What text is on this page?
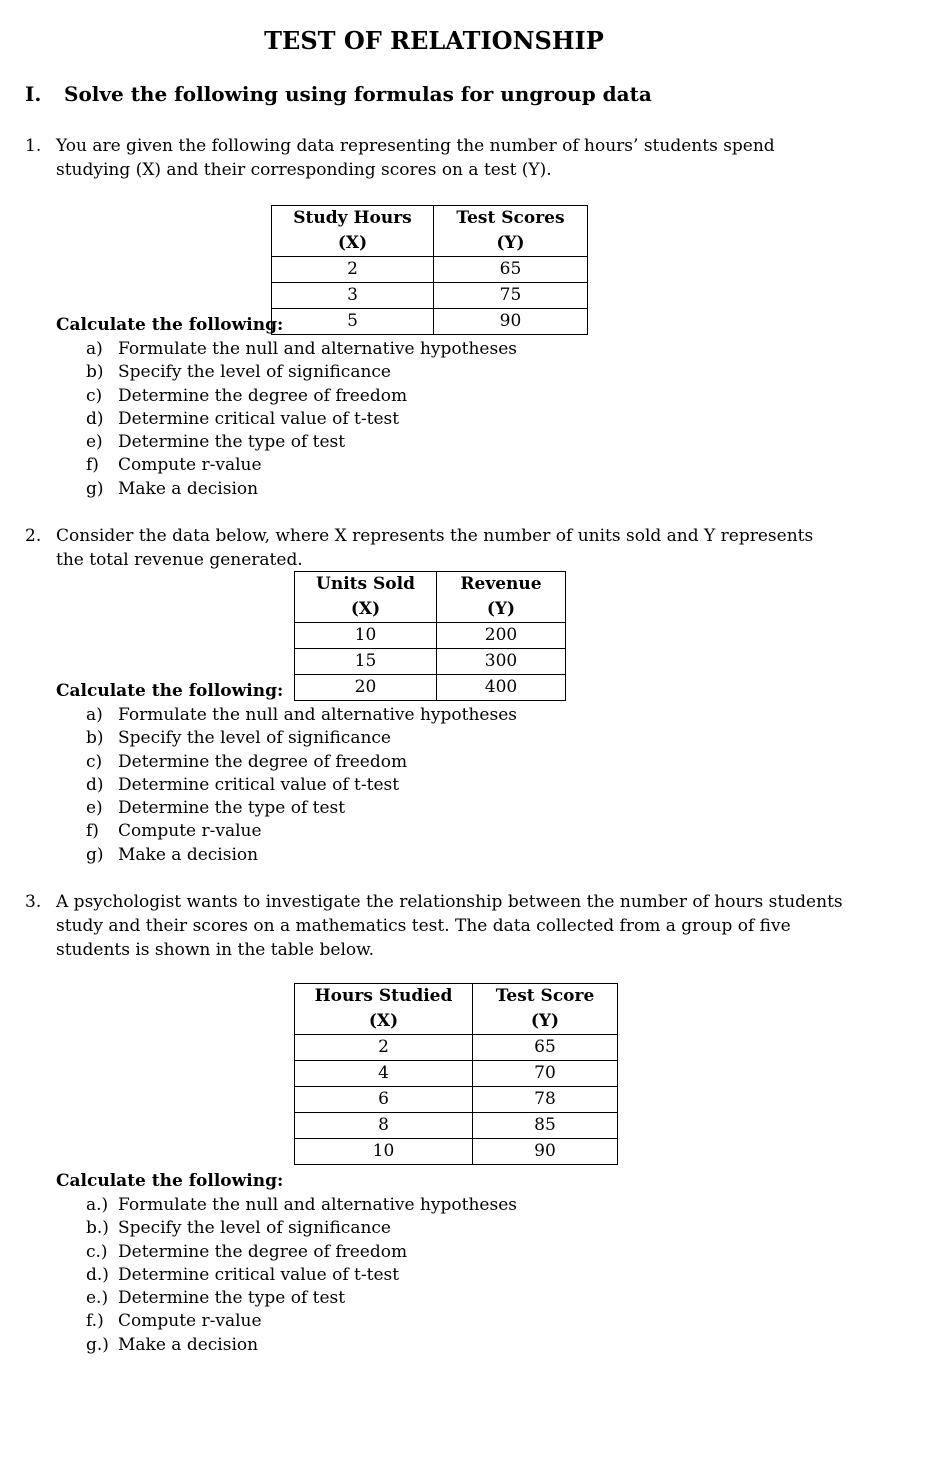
TEST OF RELATIONSHIP
I. Solve the following using formulas for ungroup data
1. You are given the following data representing the number of hours’ students spend studying (X) and their corresponding scores on a test (Y).
Study Hours (X)	Test Scores (Y)
2	65
3	75
5	90
Calculate the following:
a) Formulate the null and alternative hypotheses
b) Specify the level of significance
c) Determine the degree of freedom
d) Determine critical value of t-test
e) Determine the type of test
f) Compute r-value
g) Make a decision
2. Consider the data below, where X represents the number of units sold and Y represents the total revenue generated.
Units Sold (X)	Revenue (Y)
10	200
15	300
20	400
Calculate the following:
a) Formulate the null and alternative hypotheses
b) Specify the level of significance
c) Determine the degree of freedom
d) Determine critical value of t-test
e) Determine the type of test
f) Compute r-value
g) Make a decision
3. A psychologist wants to investigate the relationship between the number of hours students study and their scores on a mathematics test. The data collected from a group of five students is shown in the table below.
Hours Studied (X)	Test Score (Y)
2	65
4	70
6	78
8	85
10	90
Calculate the following:
a.) Formulate the null and alternative hypotheses
b.) Specify the level of significance
c.) Determine the degree of freedom
d.) Determine critical value of t-test
e.) Determine the type of test
f.) Compute r-value
g.) Make a decision
